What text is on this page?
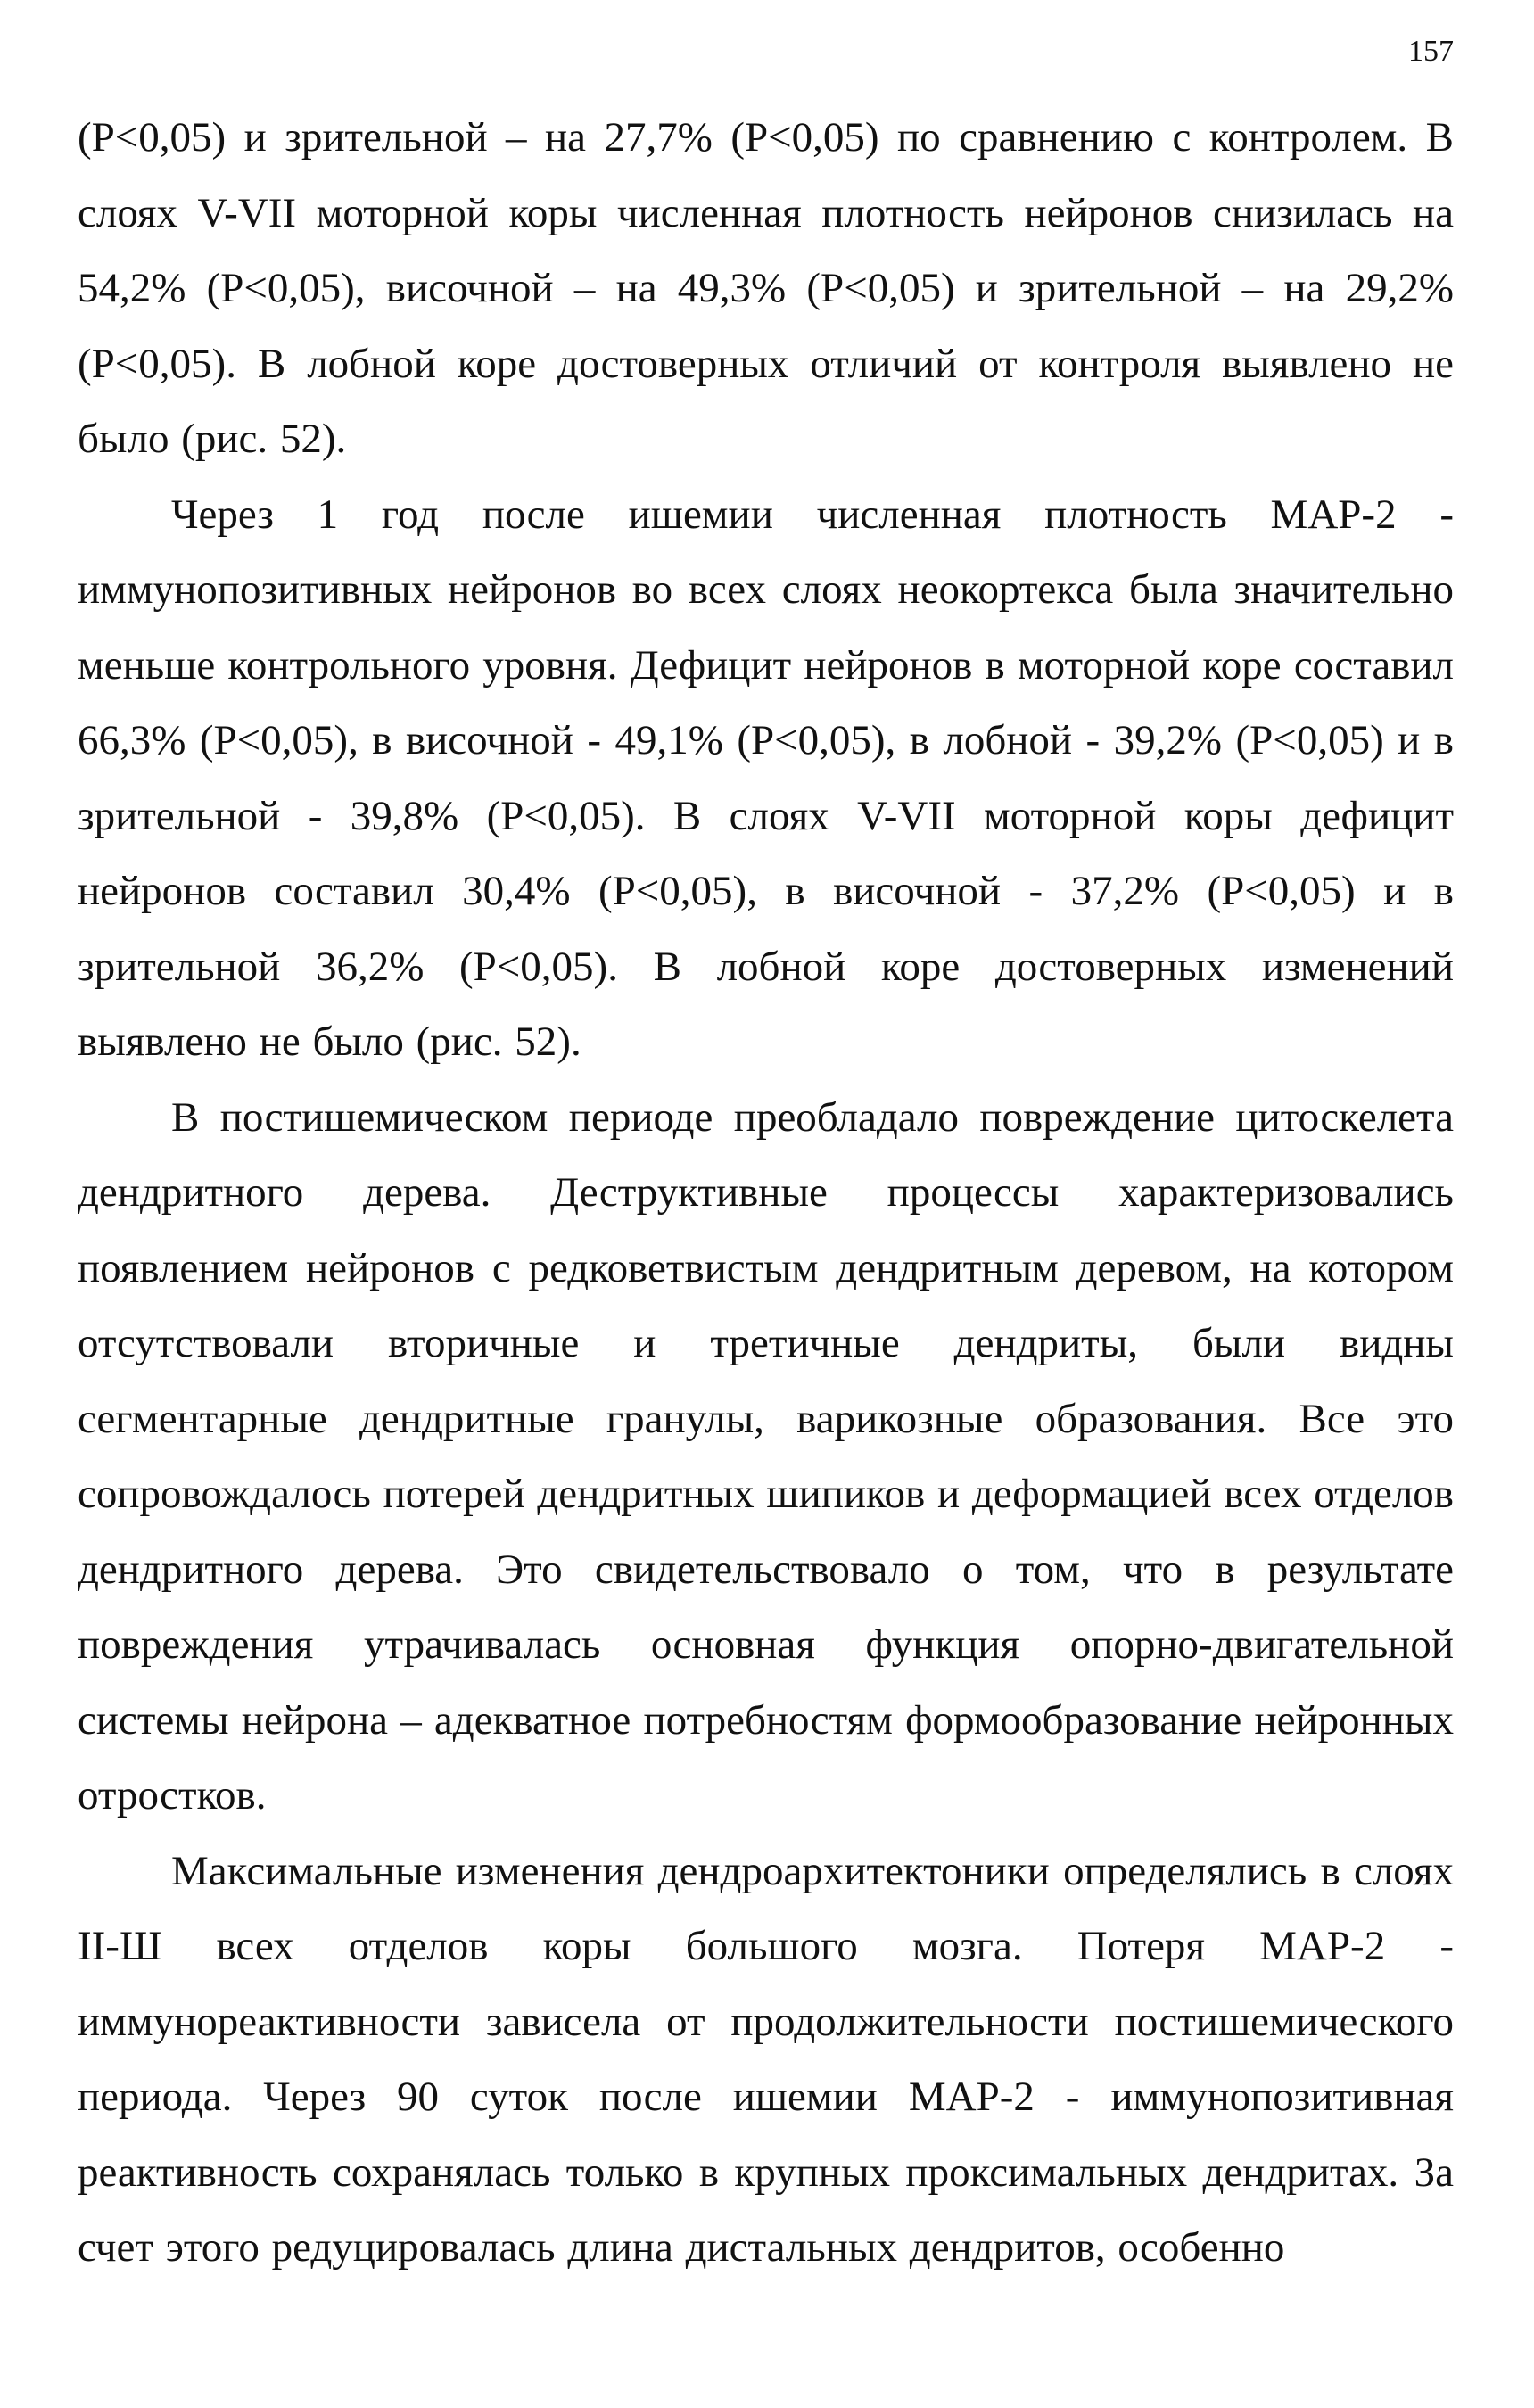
157

(P<0,05) и зрительной – на 27,7% (P<0,05) по сравнению с контролем. В слоях V-VII моторной коры численная плотность нейронов снизилась на 54,2% (P<0,05), височной – на 49,3% (P<0,05) и зрительной – на 29,2% (P<0,05). В лобной коре достоверных отличий от контроля выявлено не было (рис. 52).

Через 1 год после ишемии численная плотность МАР-2 - иммунопозитивных нейронов во всех слоях неокортекса была значительно меньше контрольного уровня. Дефицит нейронов в моторной коре составил 66,3% (P<0,05), в височной - 49,1% (P<0,05), в лобной - 39,2% (P<0,05) и в зрительной - 39,8% (P<0,05). В слоях V-VII моторной коры дефицит нейронов составил 30,4% (P<0,05), в височной - 37,2% (P<0,05) и в зрительной 36,2% (P<0,05). В лобной коре достоверных изменений выявлено не было (рис. 52).

В постишемическом периоде преобладало повреждение цитоскелета дендритного дерева. Деструктивные процессы характеризовались появлением нейронов с редковетвистым дендритным деревом, на котором отсутствовали вторичные и третичные дендриты, были видны сегментарные дендритные гранулы, варикозные образования. Все это сопровождалось потерей дендритных шипиков и деформацией всех отделов дендритного дерева. Это свидетельствовало о том, что в результате повреждения утрачивалась основная функция опорно-двигательной системы нейрона – адекватное потребностям формообразование нейронных отростков.

Максимальные изменения дендроархитектоники определялись в слоях II-Ш всех отделов коры большого мозга. Потеря МАР-2 - иммунореактивности зависела от продолжительности постишемического периода. Через 90 суток после ишемии МАР-2 - иммунопозитивная реактивность сохранялась только в крупных проксимальных дендритах. За счет этого редуцировалась длина дистальных дендритов, особенно
